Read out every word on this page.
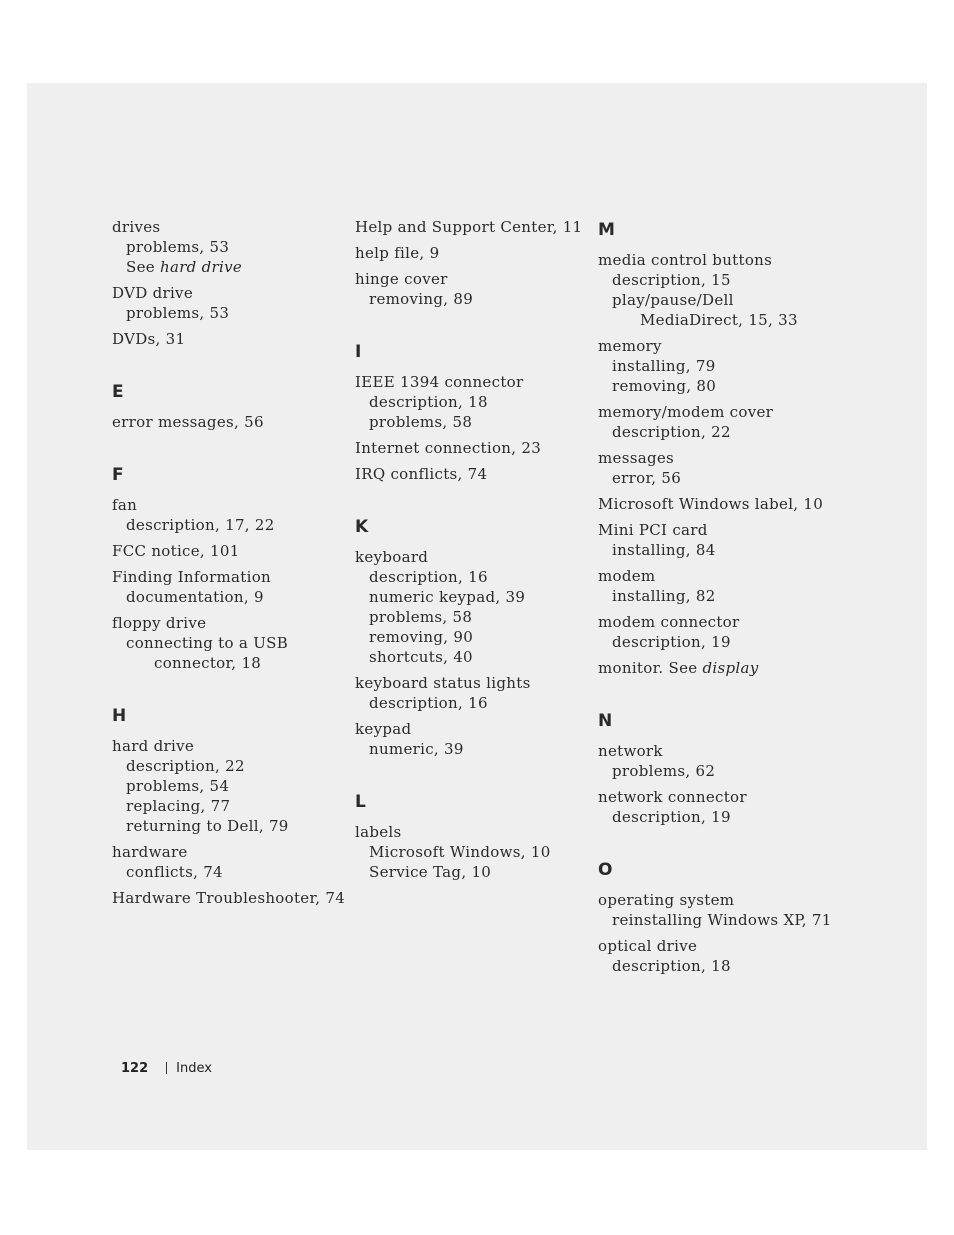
drives
problems, 53
See hard drive
DVD drive
problems, 53
DVDs, 31
E
error messages, 56
F
fan
description, 17, 22
FCC notice, 101
Finding Information
documentation, 9
floppy drive
connecting to a USB
connector, 18
H
hard drive
description, 22
problems, 54
replacing, 77
returning to Dell, 79
hardware
conflicts, 74
Hardware Troubleshooter, 74
Help and Support Center, 11
help file, 9
hinge cover
removing, 89
I
IEEE 1394 connector
description, 18
problems, 58
Internet connection, 23
IRQ conflicts, 74
K
keyboard
description, 16
numeric keypad, 39
problems, 58
removing, 90
shortcuts, 40
keyboard status lights
description, 16
keypad
numeric, 39
L
labels
Microsoft Windows, 10
Service Tag, 10
M
media control buttons
description, 15
play/pause/Dell
MediaDirect, 15, 33
memory
installing, 79
removing, 80
memory/modem cover
description, 22
messages
error, 56
Microsoft Windows label, 10
Mini PCI card
installing, 84
modem
installing, 82
modem connector
description, 19
monitor. See display
N
network
problems, 62
network connector
description, 19
O
operating system
reinstalling Windows XP, 71
optical drive
description, 18
122 Index
